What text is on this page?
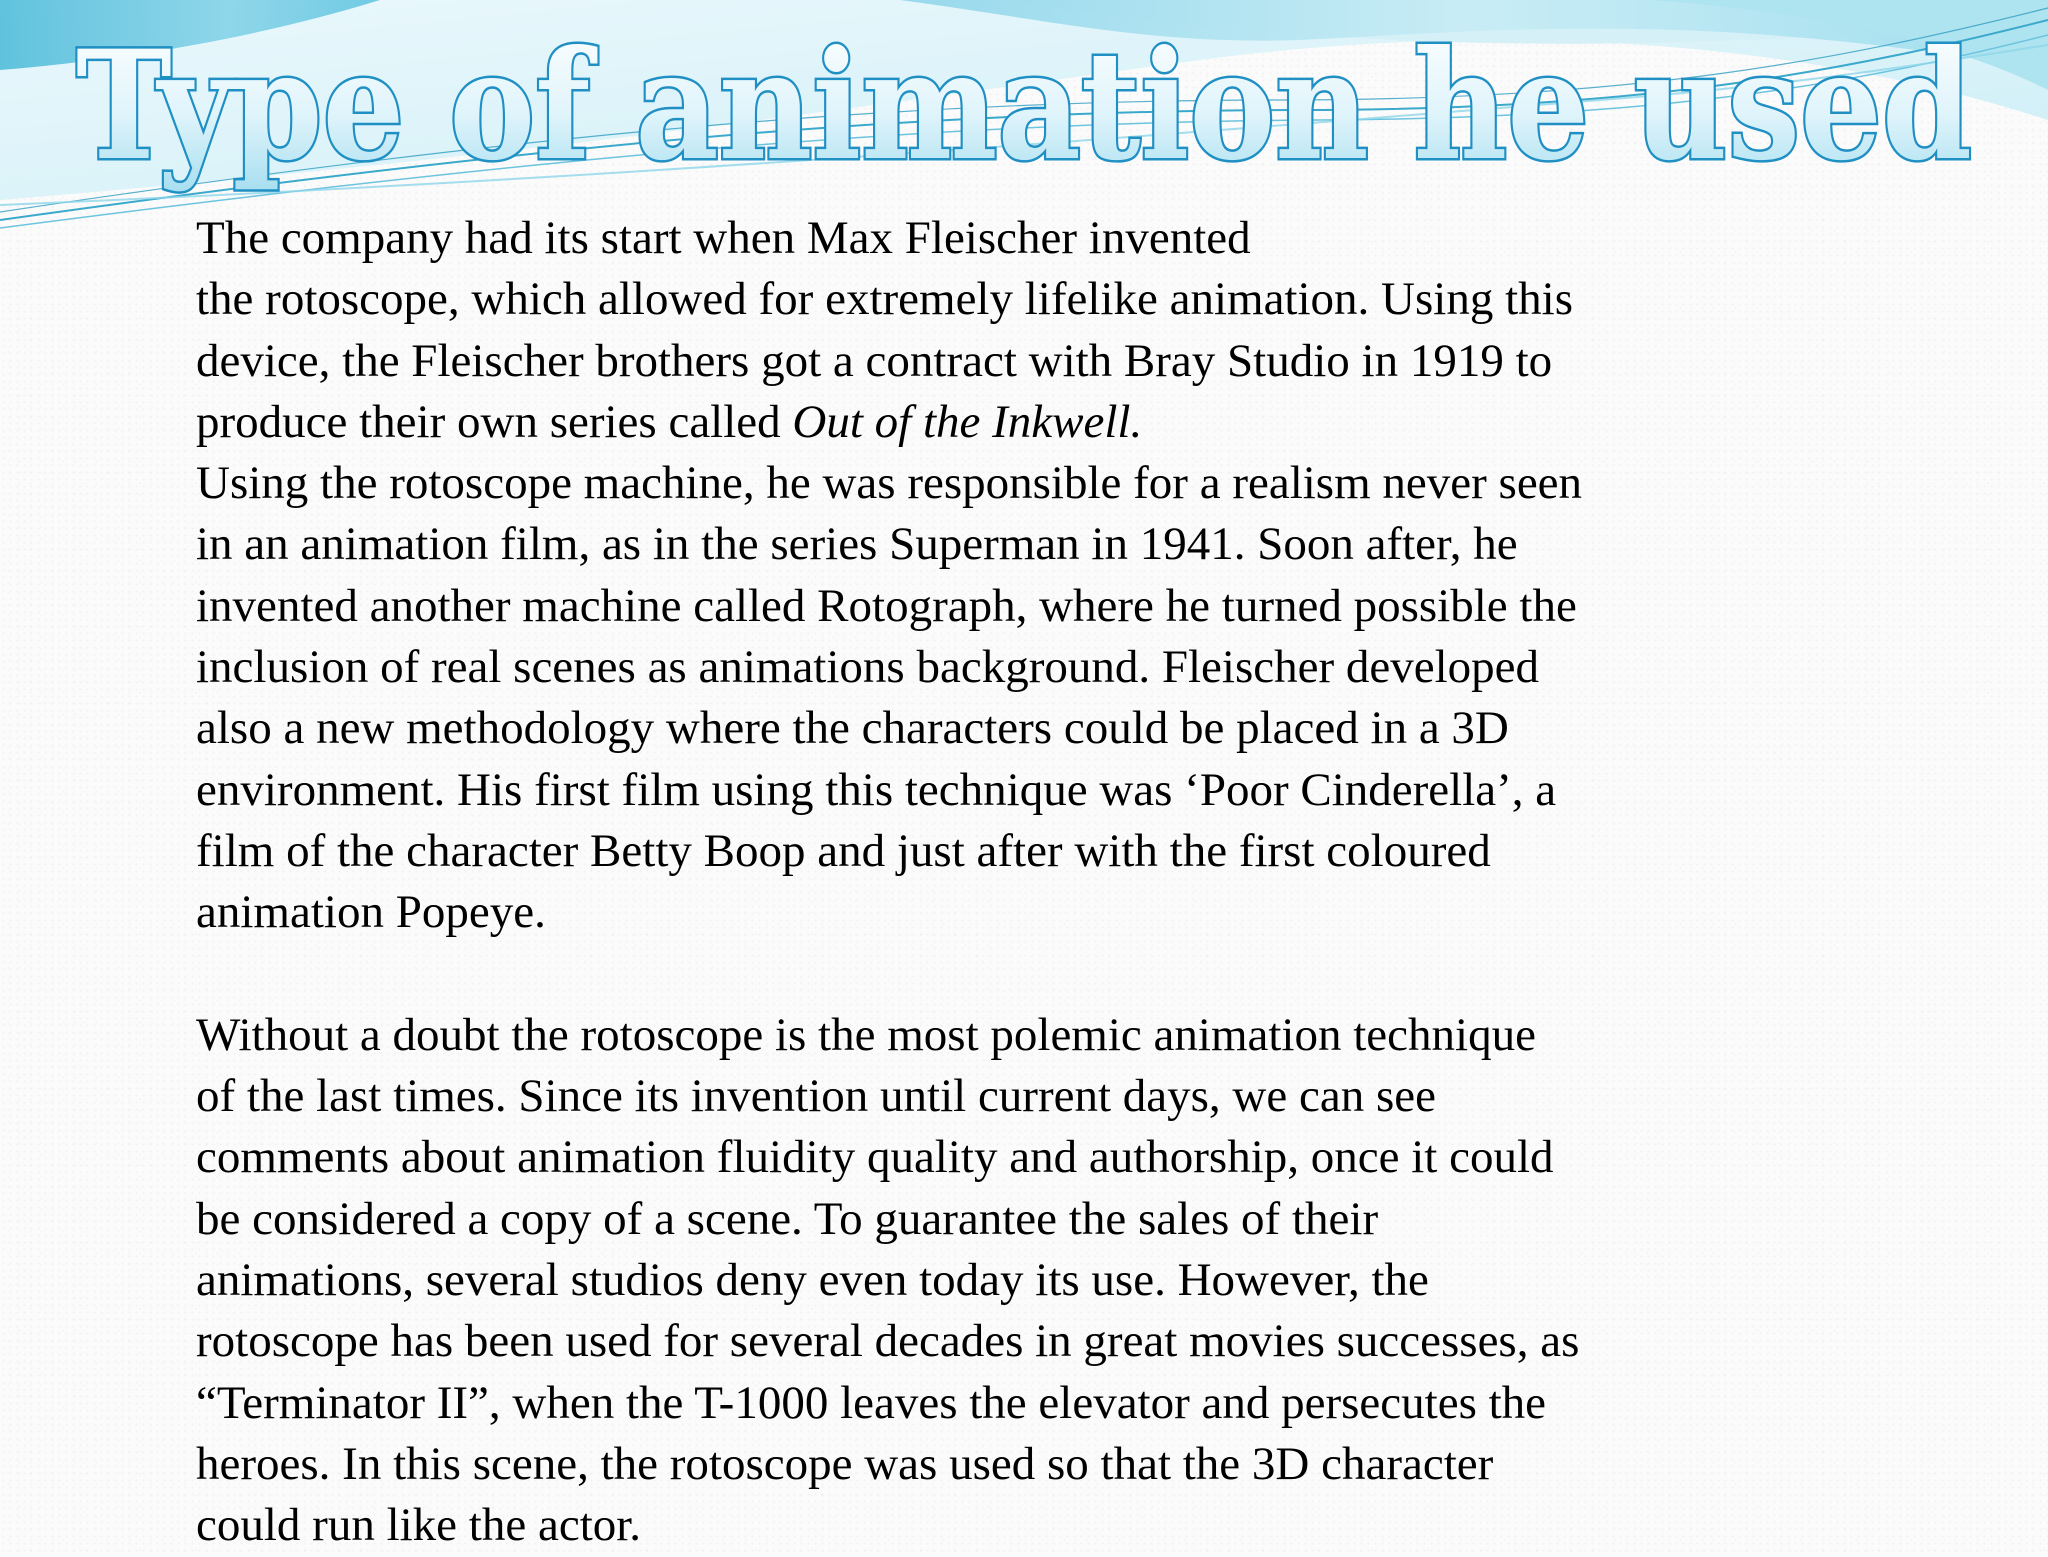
Type of animation he used

The company had its start when Max Fleischer invented

the rotoscope, which allowed for extremely lifelike animation. Using this

device, the Fleischer brothers got a contract with Bray Studio in 1919 to

produce their own series called Out of the Inkwell.

Using the rotoscope machine, he was responsible for a realism never seen

in an animation film, as in the series Superman in 1941. Soon after, he

invented another machine called Rotograph, where he turned possible the

inclusion of real scenes as animations background. Fleischer developed

also a new methodology where the characters could be placed in a 3D

environment. His first film using this technique was ‘Poor Cinderella’, a

film of the character Betty Boop and just after with the first coloured

animation Popeye.

Without a doubt the rotoscope is the most polemic animation technique

of the last times. Since its invention until current days, we can see

comments about animation fluidity quality and authorship, once it could

be considered a copy of a scene. To guarantee the sales of their

animations, several studios deny even today its use. However, the

rotoscope has been used for several decades in great movies successes, as

“Terminator II”, when the T-1000 leaves the elevator and persecutes the

heroes. In this scene, the rotoscope was used so that the 3D character

could run like the actor.
